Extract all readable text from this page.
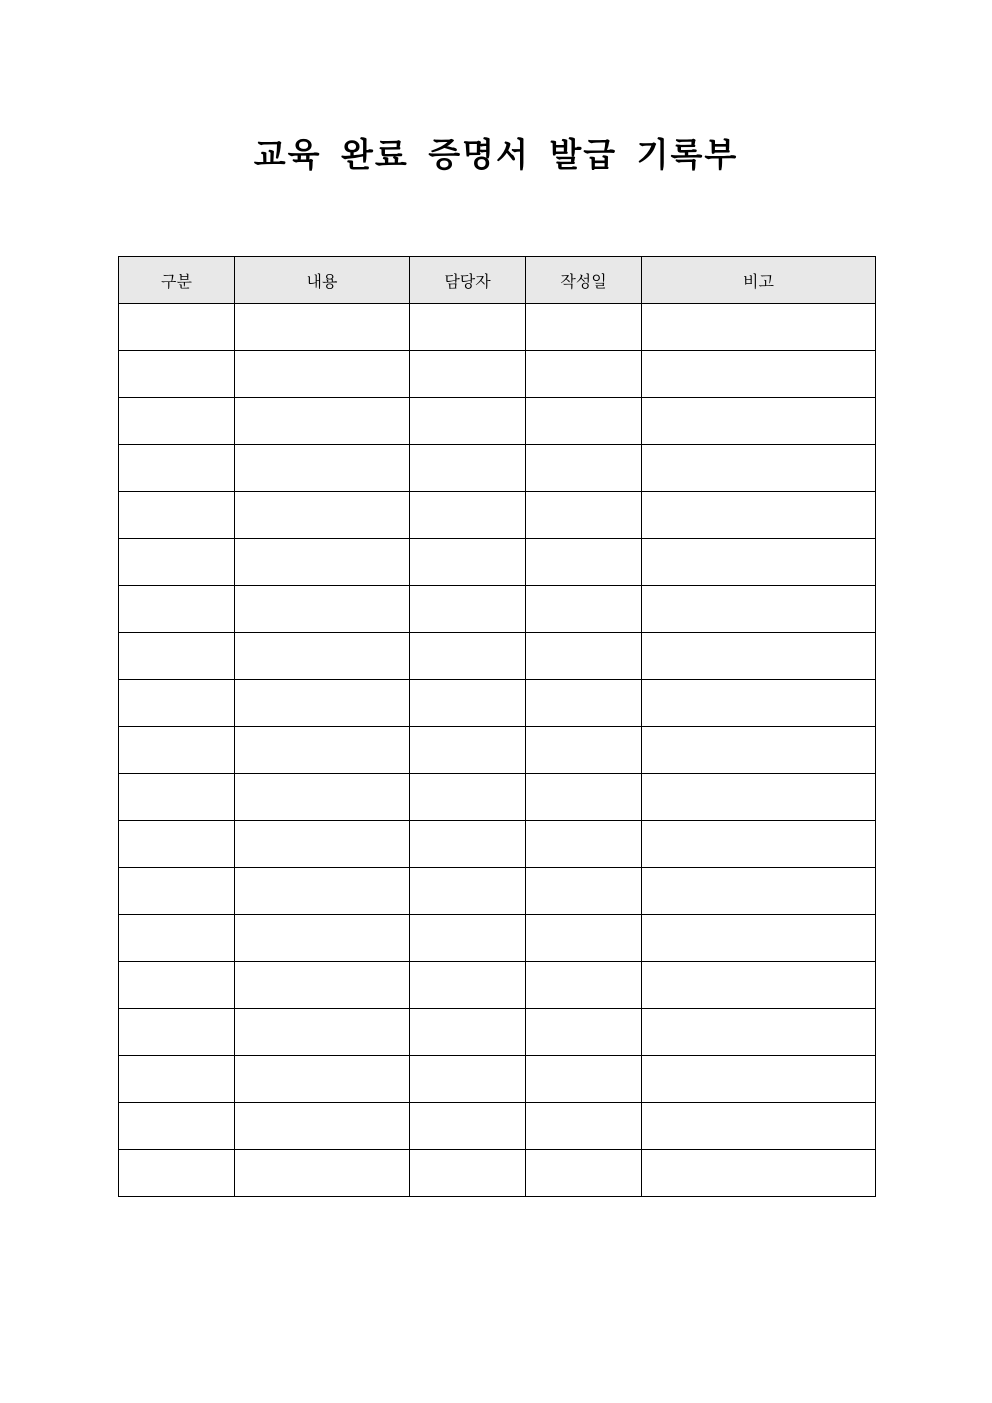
교육 완료 증명서 발급 기록부
구분	내용	담당자	작성일	비고
